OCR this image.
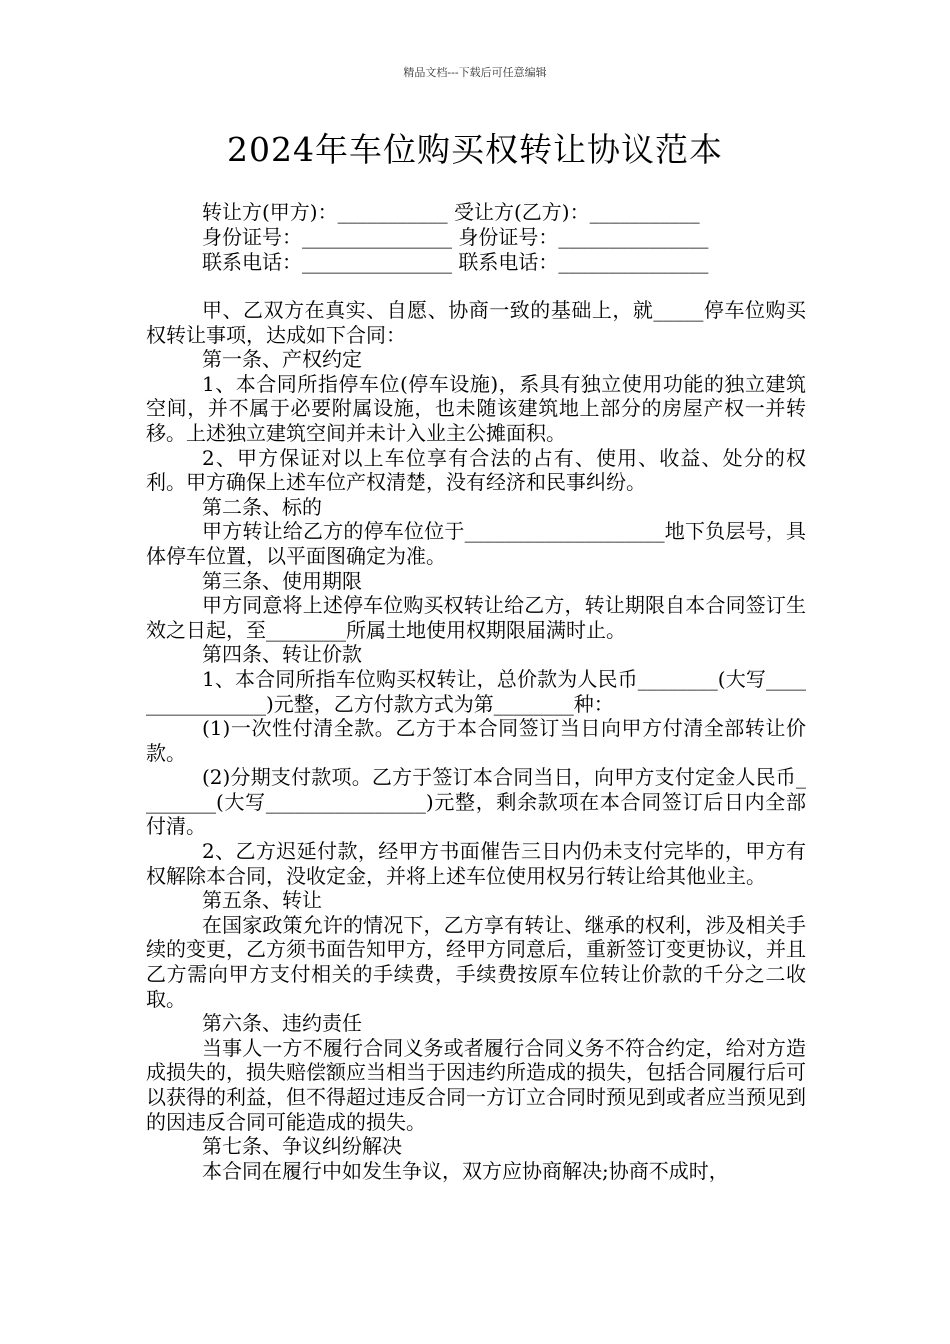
精品文档---下载后可任意编辑
2024年车位购买权转让协议范本
转让方(甲方)：___________ 受让方(乙方)：___________
身份证号：_______________ 身份证号：_______________
联系电话：_______________ 联系电话：_______________

甲、乙双方在真实、自愿、协商一致的基础上，就_____停车位购买权转让事项，达成如下合同：

第一条、产权约定

1、本合同所指停车位(停车设施)，系具有独立使用功能的独立建筑空间，并不属于必要附属设施，也未随该建筑地上部分的房屋产权一并转移。上述独立建筑空间并未计入业主公摊面积。

2、甲方保证对以上车位享有合法的占有、使用、收益、处分的权利。甲方确保上述车位产权清楚，没有经济和民事纠纷。

第二条、标的

甲方转让给乙方的停车位位于____________________地下负层号，具体停车位置，以平面图确定为准。

第三条、使用期限

甲方同意将上述停车位购买权转让给乙方，转让期限自本合同签订生效之日起，至________所属土地使用权期限届满时止。

第四条、转让价款

1、本合同所指车位购买权转让，总价款为人民币________(大写________________)元整，乙方付款方式为第________种：

(1)一次性付清全款。乙方于本合同签订当日向甲方付清全部转让价款。

(2)分期支付款项。乙方于签订本合同当日，向甲方支付定金人民币________(大写________________)元整，剩余款项在本合同签订后日内全部付清。

2、乙方迟延付款，经甲方书面催告三日内仍未支付完毕的，甲方有权解除本合同，没收定金，并将上述车位使用权另行转让给其他业主。

第五条、转让

在国家政策允许的情况下，乙方享有转让、继承的权利，涉及相关手续的变更，乙方须书面告知甲方，经甲方同意后，重新签订变更协议，并且乙方需向甲方支付相关的手续费，手续费按原车位转让价款的千分之二收取。

第六条、违约责任

当事人一方不履行合同义务或者履行合同义务不符合约定，给对方造成损失的，损失赔偿额应当相当于因违约所造成的损失，包括合同履行后可以获得的利益，但不得超过违反合同一方订立合同时预见到或者应当预见到的因违反合同可能造成的损失。

第七条、争议纠纷解决

本合同在履行中如发生争议，双方应协商解决;协商不成时，
